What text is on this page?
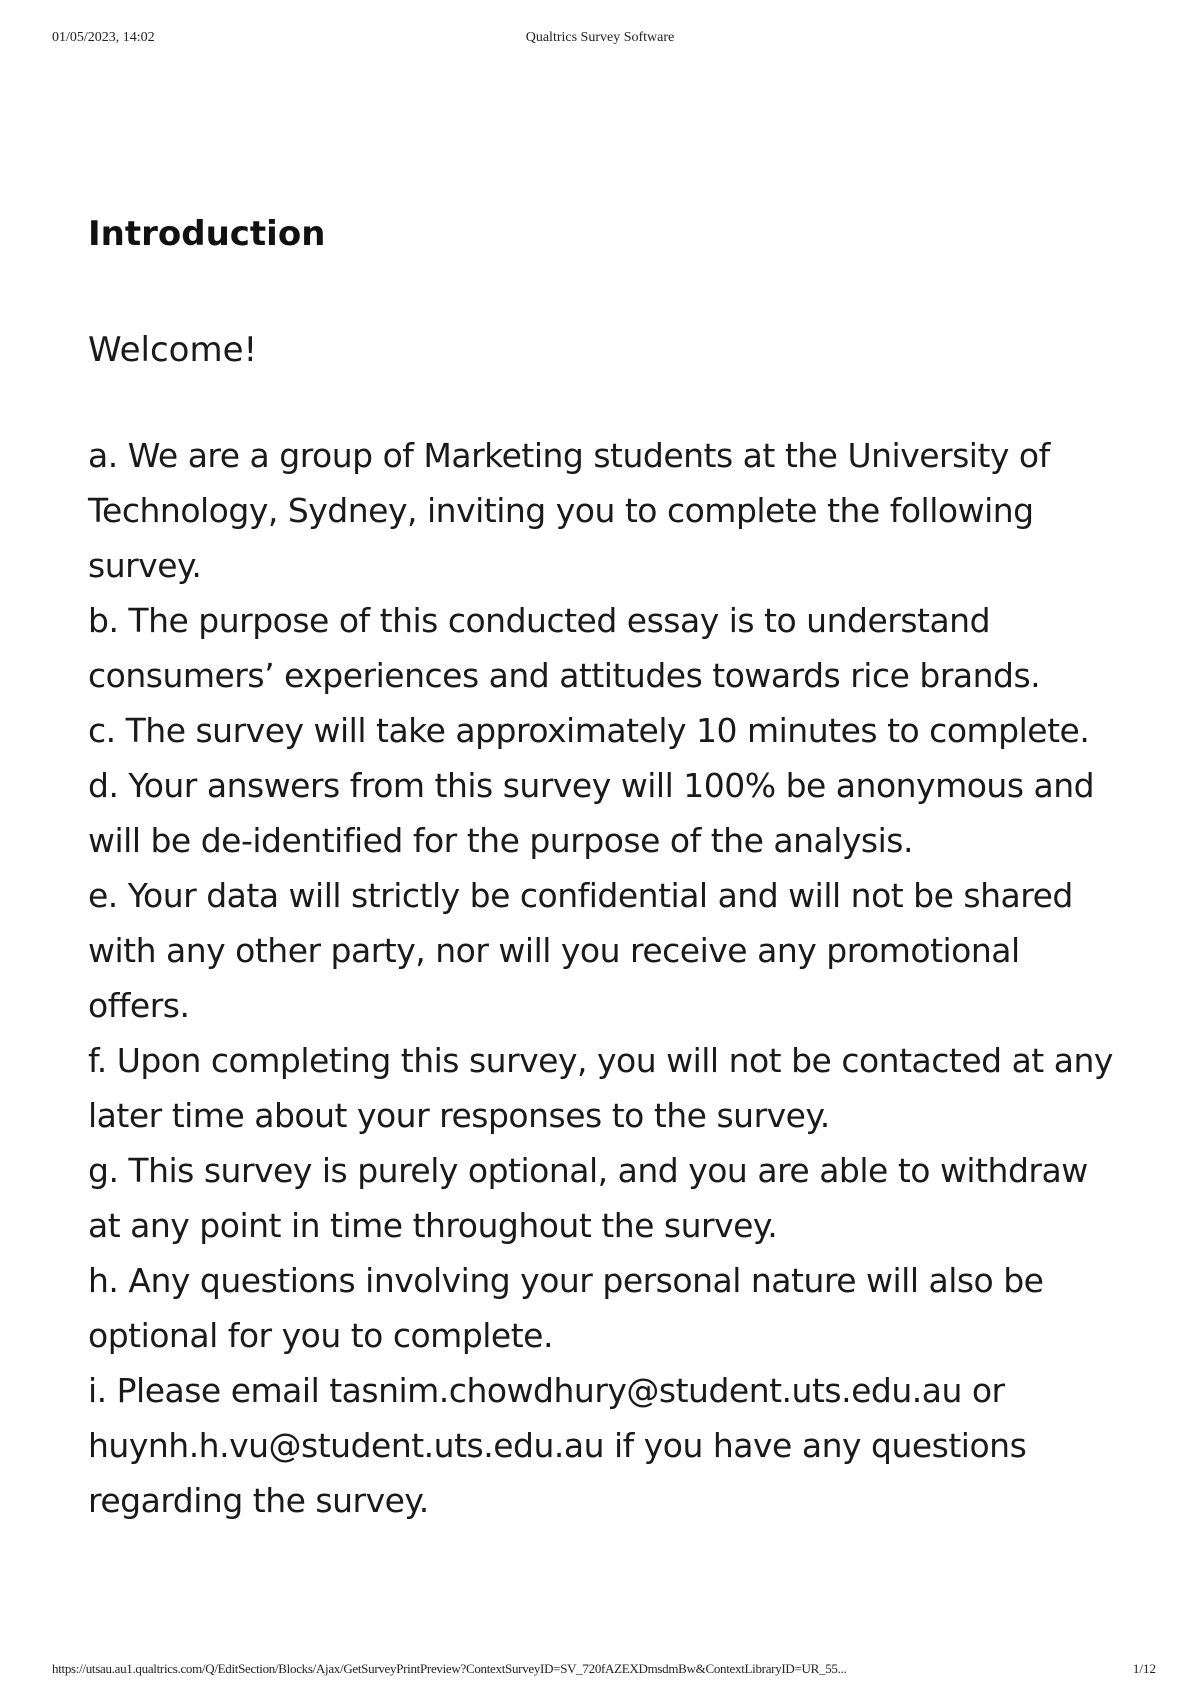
01/05/2023, 14:02	Qualtrics Survey Software
Introduction

Welcome!

a. We are a group of Marketing students at the University of Technology, Sydney, inviting you to complete the following survey.
b. The purpose of this conducted essay is to understand consumers’ experiences and attitudes towards rice brands.
c. The survey will take approximately 10 minutes to complete.
d. Your answers from this survey will 100% be anonymous and will be de-identified for the purpose of the analysis.
e. Your data will strictly be confidential and will not be shared with any other party, nor will you receive any promotional offers.
f. Upon completing this survey, you will not be contacted at any later time about your responses to the survey.
g. This survey is purely optional, and you are able to withdraw at any point in time throughout the survey.
h. Any questions involving your personal nature will also be optional for you to complete.
i. Please email tasnim.chowdhury@student.uts.edu.au or huynh.h.vu@student.uts.edu.au if you have any questions regarding the survey.
https://utsau.au1.qualtrics.com/Q/EditSection/Blocks/Ajax/GetSurveyPrintPreview?ContextSurveyID=SV_720fAZEXDmsdmBw&ContextLibraryID=UR_55...	1/12
